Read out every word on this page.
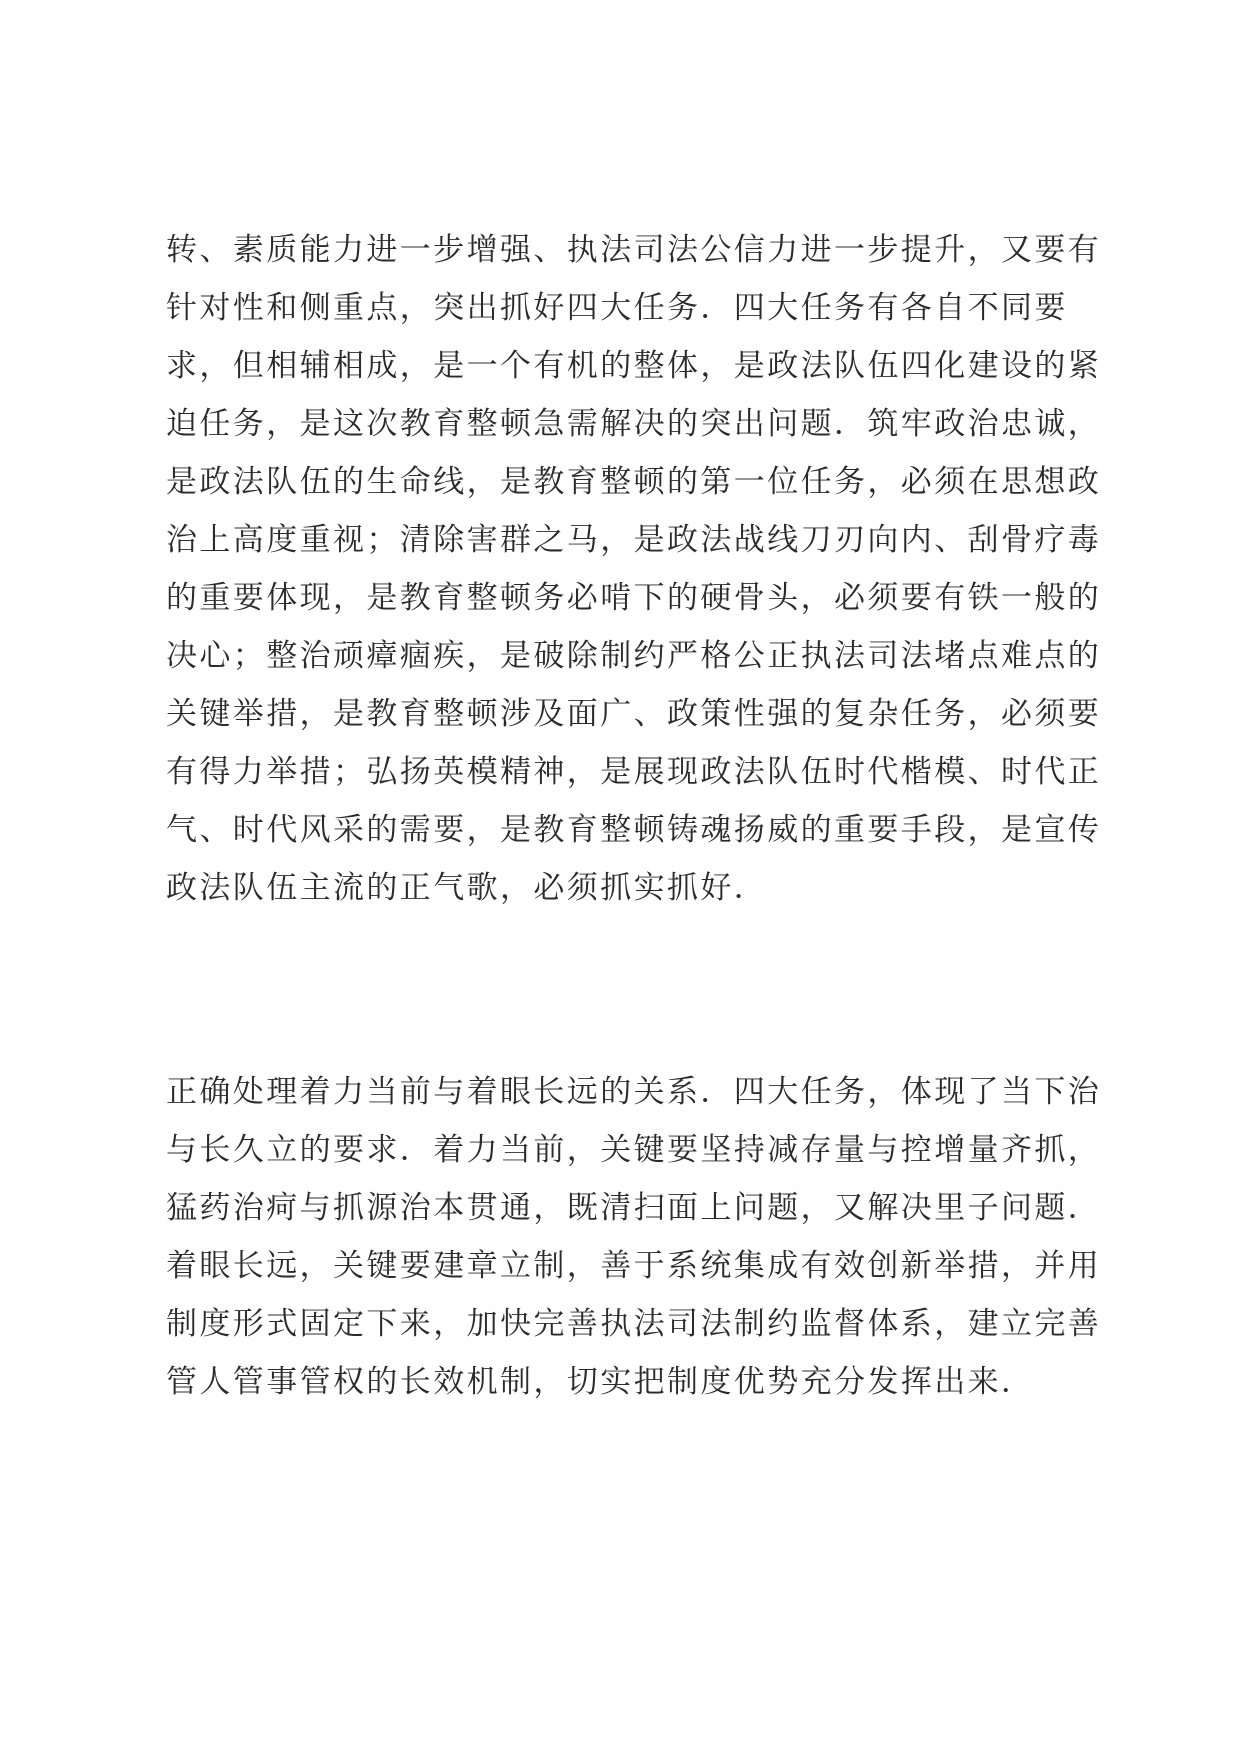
转、素质能力进一步增强、执法司法公信力进一步提升，又要有
针对性和侧重点，突出抓好四大任务．四大任务有各自不同要
求，但相辅相成，是一个有机的整体，是政法队伍四化建设的紧
迫任务，是这次教育整顿急需解决的突出问题．筑牢政治忠诚，
是政法队伍的生命线，是教育整顿的第一位任务，必须在思想政
治上高度重视；清除害群之马，是政法战线刀刃向内、刮骨疗毒
的重要体现，是教育整顿务必啃下的硬骨头，必须要有铁一般的
决心；整治顽瘴痼疾，是破除制约严格公正执法司法堵点难点的
关键举措，是教育整顿涉及面广、政策性强的复杂任务，必须要
有得力举措；弘扬英模精神，是展现政法队伍时代楷模、时代正
气、时代风采的需要，是教育整顿铸魂扬威的重要手段，是宣传
政法队伍主流的正气歌，必须抓实抓好．
正确处理着力当前与着眼长远的关系．四大任务，体现了当下治
与长久立的要求．着力当前，关键要坚持减存量与控增量齐抓，
猛药治疴与抓源治本贯通，既清扫面上问题，又解决里子问题．
着眼长远，关键要建章立制，善于系统集成有效创新举措，并用
制度形式固定下来，加快完善执法司法制约监督体系，建立完善
管人管事管权的长效机制，切实把制度优势充分发挥出来．
